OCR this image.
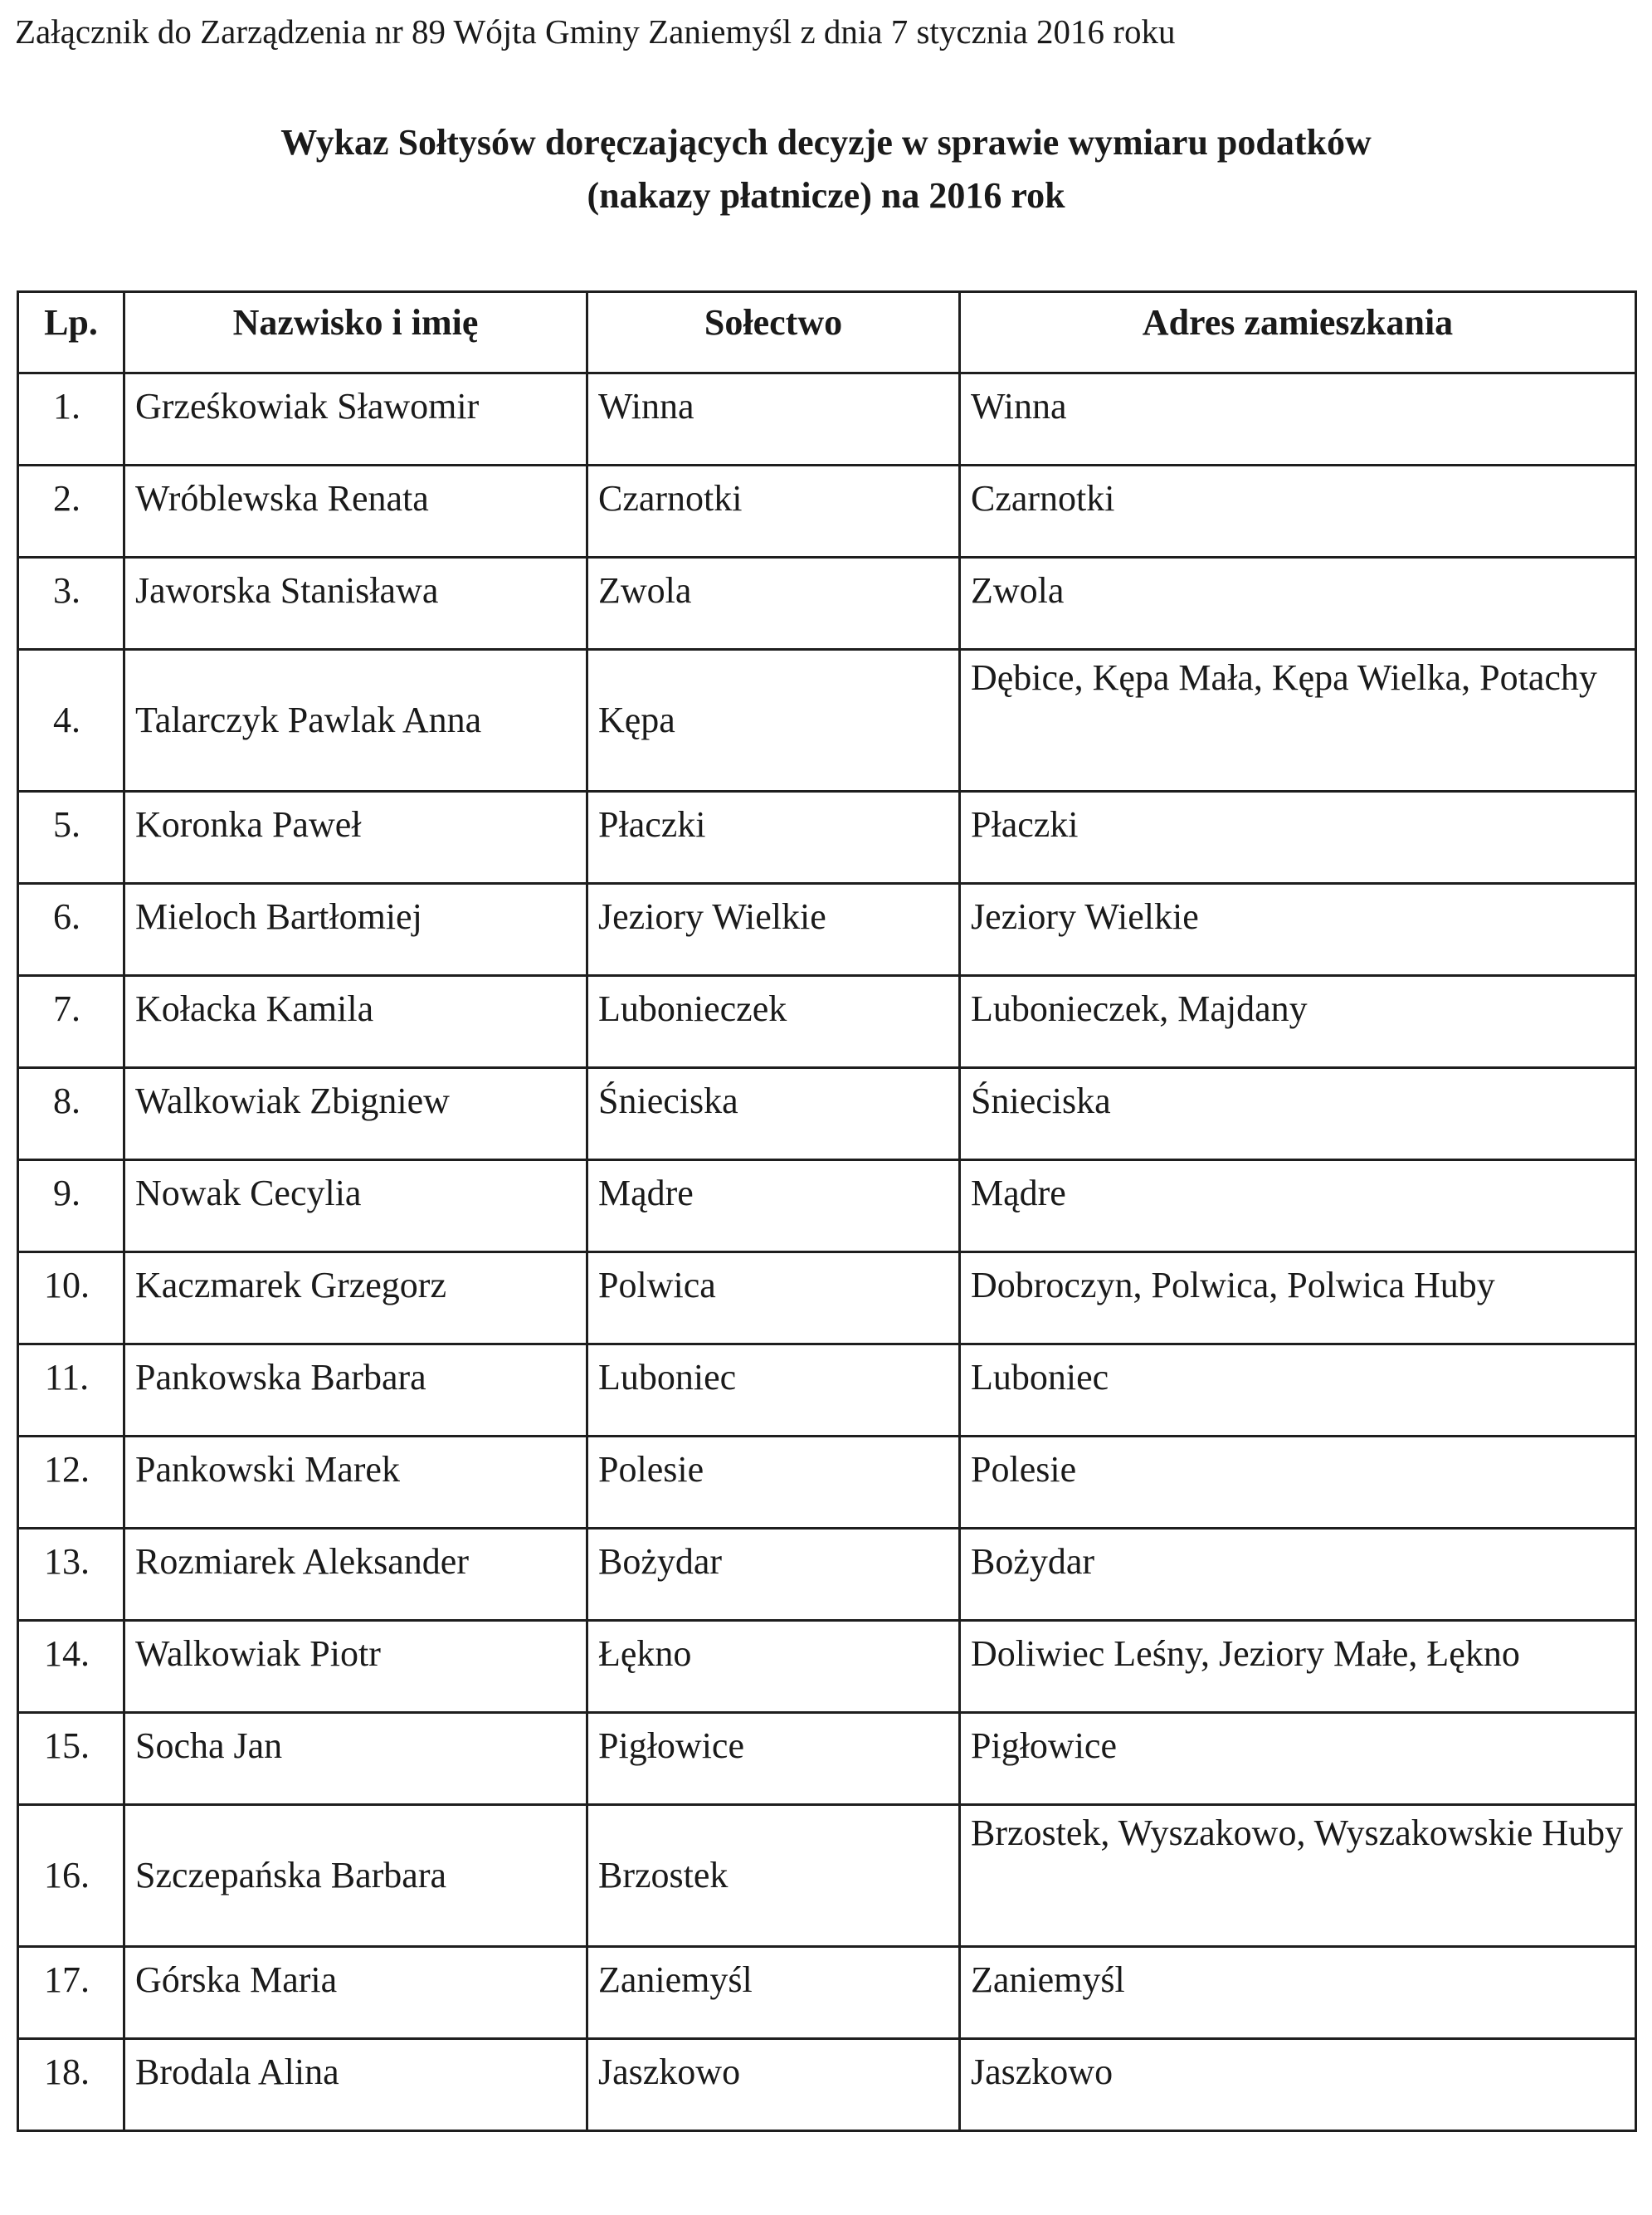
Załącznik do Zarządzenia nr 89 Wójta Gminy Zaniemyśl z dnia 7 stycznia 2016 roku
Wykaz Sołtysów doręczających decyzje w sprawie wymiaru podatków
(nakazy płatnicze) na 2016 rok
Lp.	Nazwisko i imię	Sołectwo	Adres zamieszkania
1.	Grześkowiak Sławomir	Winna	Winna
2.	Wróblewska Renata	Czarnotki	Czarnotki
3.	Jaworska Stanisława	Zwola	Zwola
4.	Talarczyk Pawlak Anna	Kępa	Dębice, Kępa Mała, Kępa Wielka, Potachy
5.	Koronka Paweł	Płaczki	Płaczki
6.	Mieloch Bartłomiej	Jeziory Wielkie	Jeziory Wielkie
7.	Kołacka Kamila	Lubonieczek	Lubonieczek, Majdany
8.	Walkowiak Zbigniew	Śnieciska	Śnieciska
9.	Nowak Cecylia	Mądre	Mądre
10.	Kaczmarek Grzegorz	Polwica	Dobroczyn, Polwica, Polwica Huby
11.	Pankowska Barbara	Luboniec	Luboniec
12.	Pankowski Marek	Polesie	Polesie
13.	Rozmiarek Aleksander	Bożydar	Bożydar
14.	Walkowiak Piotr	Łękno	Doliwiec Leśny, Jeziory Małe, Łękno
15.	Socha Jan	Pigłowice	Pigłowice
16.	Szczepańska Barbara	Brzostek	Brzostek, Wyszakowo, Wyszakowskie Huby
17.	Górska Maria	Zaniemyśl	Zaniemyśl
18.	Brodala Alina	Jaszkowo	Jaszkowo
